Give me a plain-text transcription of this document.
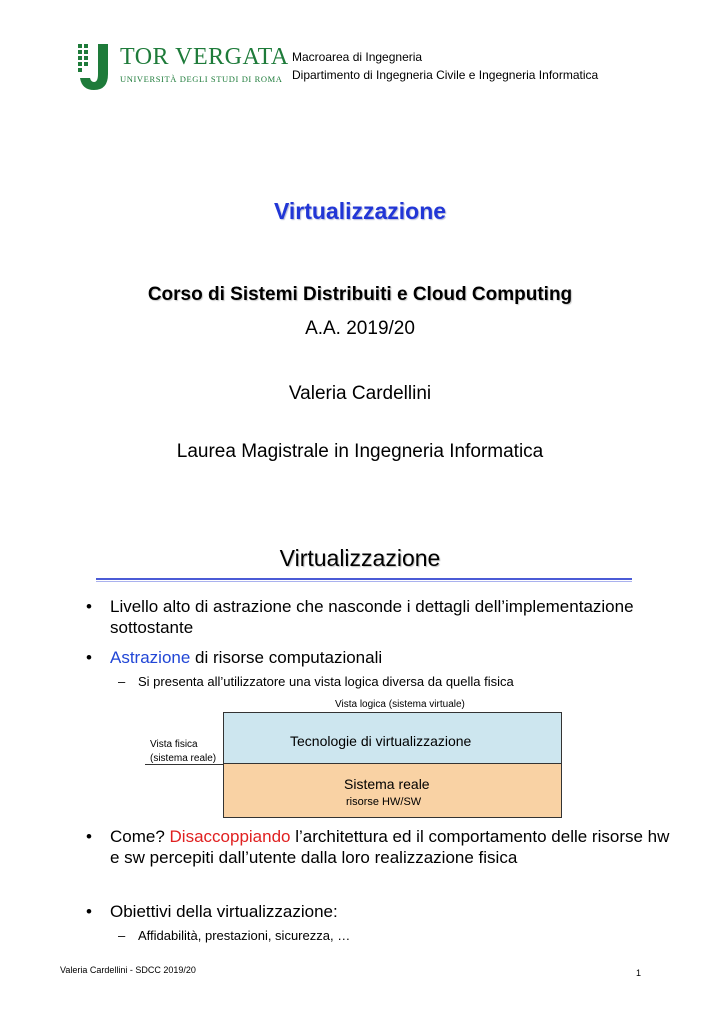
TOR VERGATA
UNIVERSITÀ DEGLI STUDI DI ROMA
Macroarea di Ingegneria
Dipartimento di Ingegneria Civile e Ingegneria Informatica
Virtualizzazione
Corso di Sistemi Distribuiti e Cloud Computing
A.A. 2019/20
Valeria Cardellini
Laurea Magistrale in Ingegneria Informatica
Virtualizzazione
• Livello alto di astrazione che nasconde i dettagli dell’implementazione sottostante
• Astrazione di risorse computazionali
– Si presenta all’utilizzatore una vista logica diversa da quella fisica
Vista logica (sistema virtuale)
Vista fisica
(sistema reale)
Tecnologie di virtualizzazione
Sistema reale
risorse HW/SW
• Come? Disaccoppiando l’architettura ed il comportamento delle risorse hw e sw percepiti dall’utente dalla loro realizzazione fisica
• Obiettivi della virtualizzazione:
– Affidabilità, prestazioni, sicurezza, …
Valeria Cardellini - SDCC 2019/20	1
